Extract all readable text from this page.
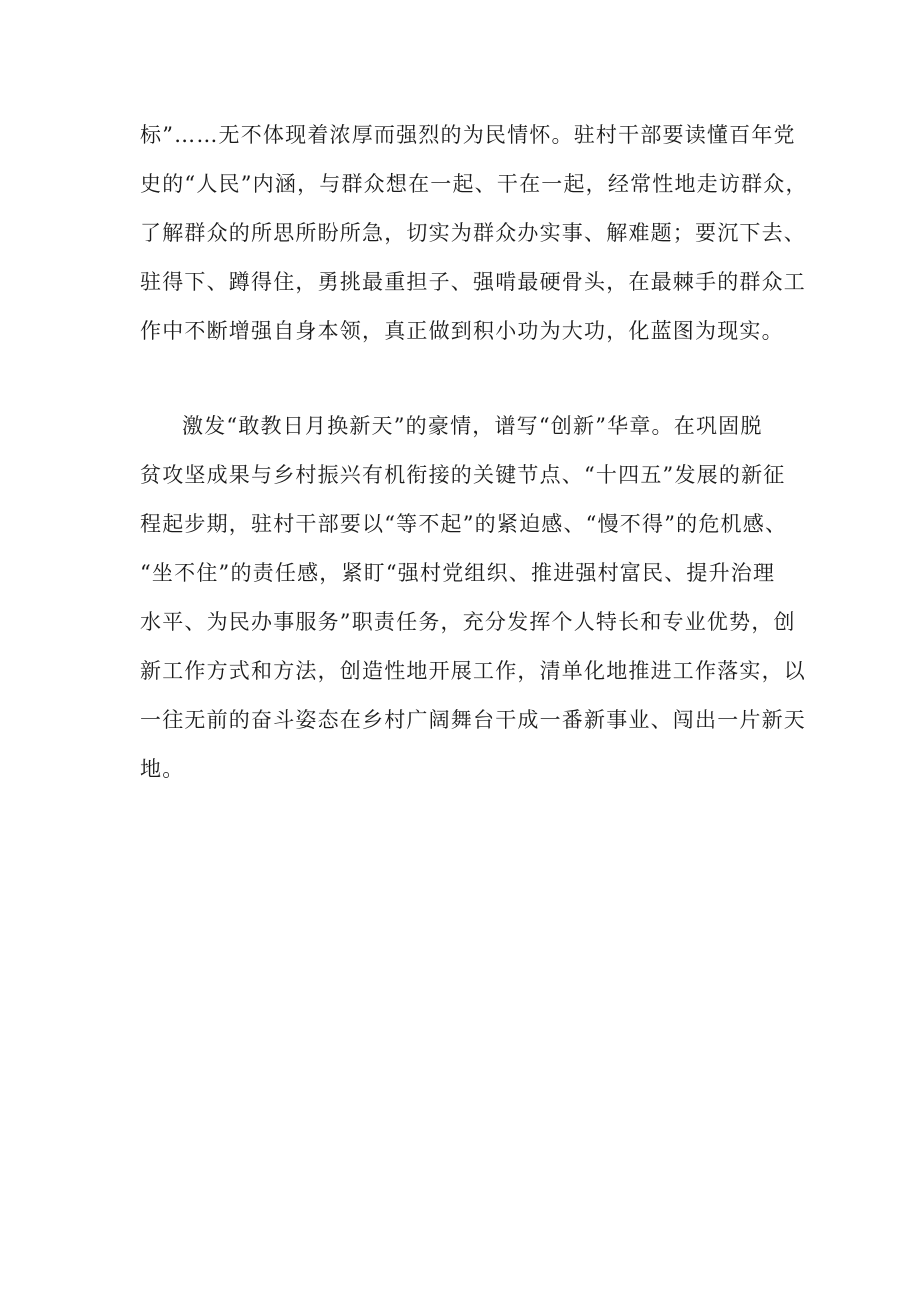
标”……无不体现着浓厚而强烈的为民情怀。驻村干部要读懂百年党
史的“人民”内涵，与群众想在一起、干在一起，经常性地走访群众，
了解群众的所思所盼所急，切实为群众办实事、解难题；要沉下去、
驻得下、蹲得住，勇挑最重担子、强啃最硬骨头，在最棘手的群众工
作中不断增强自身本领，真正做到积小功为大功，化蓝图为现实。
激发“敢教日月换新天”的豪情，谱写“创新”华章。在巩固脱
贫攻坚成果与乡村振兴有机衔接的关键节点、“十四五”发展的新征
程起步期，驻村干部要以“等不起”的紧迫感、“慢不得”的危机感、
“坐不住”的责任感，紧盯“强村党组织、推进强村富民、提升治理
水平、为民办事服务”职责任务，充分发挥个人特长和专业优势，创
新工作方式和方法，创造性地开展工作，清单化地推进工作落实，以
一往无前的奋斗姿态在乡村广阔舞台干成一番新事业、闯出一片新天
地。
